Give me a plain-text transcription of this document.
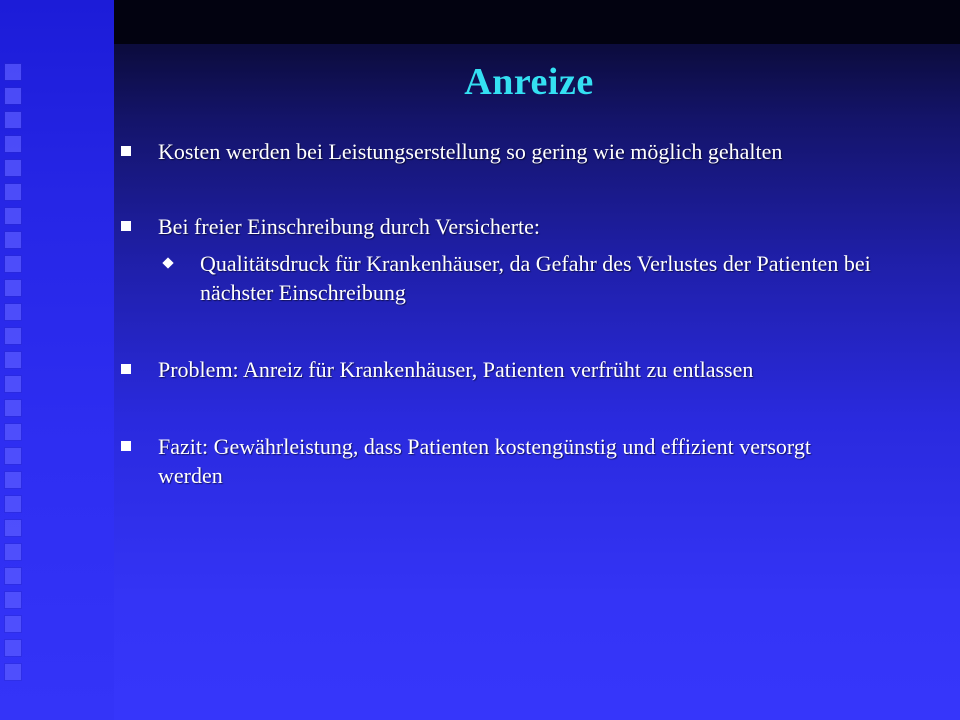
Anreize
Kosten werden bei Leistungserstellung so gering wie möglich gehalten
Bei freier Einschreibung durch Versicherte:
Qualitätsdruck für Krankenhäuser, da Gefahr des Verlustes der Patienten bei nächster Einschreibung
Problem: Anreiz für Krankenhäuser, Patienten verfrüht zu entlassen
Fazit: Gewährleistung, dass Patienten kostengünstig und effizient versorgt werden
